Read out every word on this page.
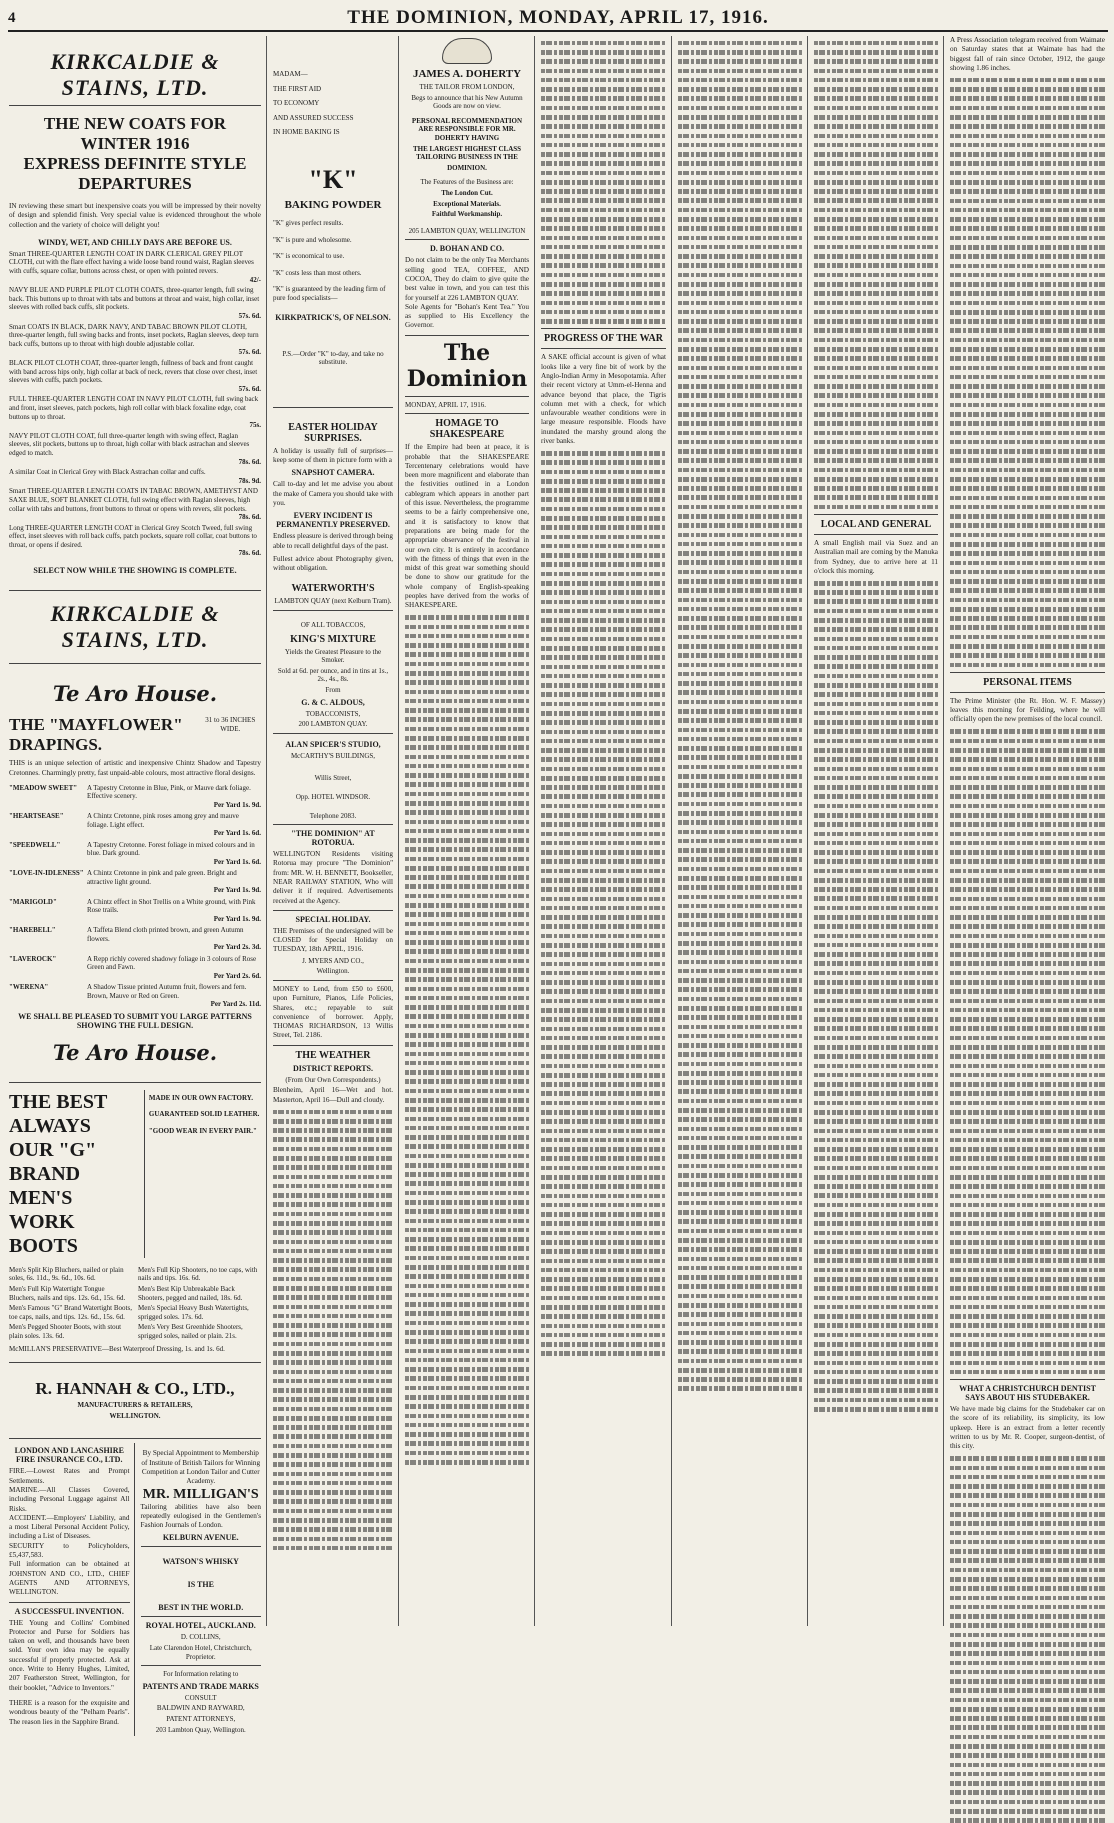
4	THE DOMINION, MONDAY, APRIL 17, 1916.
KIRKCALDIE & STAINS, LTD.
THE NEW COATS FOR WINTER 1916
EXPRESS DEFINITE STYLE DEPARTURES
IN reviewing these smart but inexpensive coats you will be impressed by their novelty of design and splendid finish. Very special value is evidenced throughout the whole collection and the variety of choice will delight you!
WINDY, WET, AND CHILLY DAYS ARE BEFORE US.
Smart THREE-QUARTER LENGTH COAT IN DARK CLERICAL GREY PILOT CLOTH, cut with the flare effect having a wide loose band round waist, Raglan sleeves with cuffs, square collar, buttons across chest, or open with pointed revers.
42/-
NAVY BLUE AND PURPLE PILOT CLOTH COATS, three-quarter length, full swing back. This buttons up to throat with tabs and buttons at throat and waist, high collar, inset sleeves with rolled back cuffs, slit pockets.
57s. 6d.
Smart COATS IN BLACK, DARK NAVY, AND TABAC BROWN PILOT CLOTH, three-quarter length, full swing backs and fronts, inset pockets, Raglan sleeves, deep turn back cuffs, buttons up to throat with high double adjustable collar.
57s. 6d.
BLACK PILOT CLOTH COAT, three-quarter length, fullness of back and front caught with band across hips only, high collar at back of neck, revers that close over chest, inset sleeves with cuffs, patch pockets.
57s. 6d.
FULL THREE-QUARTER LENGTH COAT IN NAVY PILOT CLOTH, full swing back and front, inset sleeves, patch pockets, high roll collar with black foxaline edge, coat buttons up to throat.
75s.
NAVY PILOT CLOTH COAT, full three-quarter length with swing effect, Raglan sleeves, slit pockets, buttons up to throat, high collar with black astrachan and sleeves edged to match.
78s. 6d.
A similar Coat in Clerical Grey with Black Astrachan collar and cuffs.
78s. 9d.
Smart THREE-QUARTER LENGTH COATS IN TABAC BROWN, AMETHYST AND SAXE BLUE, SOFT BLANKET CLOTH, full swing effect with Raglan sleeves, high collar with tabs and buttons, front buttons to throat or opens with revers, slit pockets.
78s. 6d.
Long THREE-QUARTER LENGTH COAT in Clerical Grey Scotch Tweed, full swing effect, inset sleeves with roll back cuffs, patch pockets, square roll collar, coat buttons to throat, or opens if desired.
78s. 6d.
SELECT NOW WHILE THE SHOWING IS COMPLETE.
KIRKCALDIE & STAINS, LTD.
Te Aro House.
THE "MAYFLOWER"	31 to 36 INCHES WIDE.
DRAPINGS.
THIS is an unique selection of artistic and inexpensive Chintz Shadow and Tapestry Cretonnes. Charmingly pretty, fast unpaid-able colours, most attractive floral designs.
"MEADOW SWEET"	A Tapestry Cretonne in Blue, Pink, or Mauve dark foliage. Effective scenery.
Per Yard 1s. 9d.
"HEARTSEASE"	A Chintz Cretonne, pink roses among grey and mauve foliage. Light effect.
Per Yard 1s. 6d.
"SPEEDWELL"	A Tapestry Cretonne. Forest foliage in mixed colours and in blue. Dark ground.
Per Yard 1s. 6d.
"LOVE-IN-IDLENESS" A Chintz Cretonne in pink and pale green. Bright and attractive light ground.
Per Yard 1s. 9d.
"MARIGOLD"	A Chintz effect in Shot Trellis on a White ground, with Pink Rose trails.
Per Yard 1s. 9d.
"HAREBELL"	A Taffeta Blend cloth printed brown, and green Autumn flowers.
Per Yard 2s. 3d.
"LAVEROCK"	A Repp richly covered shadowy foliage in 3 colours of Rose Green and Fawn.
Per Yard 2s. 6d.
"WERENA"	A Shadow Tissue printed Autumn fruit, flowers and fern. Brown, Mauve or Red on Green.
Per Yard 2s. 11d.
WE SHALL BE PLEASED TO SUBMIT YOU LARGE PATTERNS SHOWING THE FULL DESIGN.
Te Aro House.
THE BEST ALWAYS
OUR "G" BRAND
MEN'S WORK BOOTS
MADE IN OUR OWN FACTORY.
GUARANTEED SOLID LEATHER.
"GOOD WEAR IN EVERY PAIR."
Men's Split Kip Bluchers, nailed or plain soles, 6s. 11d., 9s. 6d., 10s. 6d.
Men's Full Kip Watertight Tongue Bluchers, nails and tips. 12s. 6d., 15s. 6d.
Men's Famous "G" Brand Watertight Boots, toe caps, nails, and tips. 12s. 6d., 15s. 6d.
Men's Pegged Shooter Boots, with stout plain soles. 13s. 6d.
Men's Full Kip Shooters, no toe caps, with nails and tips. 16s. 6d.
Men's Best Kip Unbreakable Back Shooters, pegged and nailed, 18s. 6d.
Men's Special Heavy Bush Watertights, sprigged soles. 17s. 6d.
Men's Very Best Greenhide Shooters, sprigged soles, nailed or plain. 21s.
McMILLAN'S PRESERVATIVE—Best Waterproof Dressing, 1s. and 1s. 6d.
R. HANNAH & CO., LTD.,
MANUFACTURERS & RETAILERS,
WELLINGTON.
LONDON AND LANCASHIRE FIRE INSURANCE CO., LTD.
FIRE.—Lowest Rates and Prompt Settlements.
MARINE.—All Classes Covered, including Personal Luggage against All Risks.
ACCIDENT.—Employers' Liability, and a most Liberal Personal Accident Policy, including a List of Diseases.
SECURITY to Policyholders, £5,437,583.
Full information can be obtained at JOHNSTON AND CO., LTD., CHIEF AGENTS AND ATTORNEYS, WELLINGTON.
A SUCCESSFUL INVENTION.
THE Young and Collins' Combined Protector and Purse for Soldiers has taken on well, and thousands have been sold. Your own idea may be equally successful if properly protected. Ask at once. Write to Henry Hughes, Limited, 207 Featherston Street, Wellington, for their booklet, "Advice to Inventors."
THERE is a reason for the exquisite and wondrous beauty of the "Pelham Pearls". The reason lies in the Sapphire Brand.
By Special Appointment to Membership of Institute of British Tailors for Winning Competition at London Tailor and Cutter Academy.
MR. MILLIGAN'S
Tailoring abilities have also been repeatedly eulogised in the Gentlemen's Fashion Journals of London.
KELBURN AVENUE.
WATSON'S WHISKY
IS THE
BEST IN THE WORLD.
ROYAL HOTEL, AUCKLAND.
D. COLLINS,
Late Clarendon Hotel, Christchurch, Proprietor.
For Information relating to
PATENTS AND TRADE MARKS
CONSULT
BALDWIN AND RAYWARD,
PATENT ATTORNEYS,
203 Lambton Quay, Wellington.
MADAM—
THE FIRST AID
TO ECONOMY
AND ASSURED SUCCESS
IN HOME BAKING IS
"K"
BAKING POWDER
"K" gives perfect results.
"K" is pure and wholesome.
"K" is economical to use.
"K" costs less than most others.
"K" is guaranteed by the leading firm of pure food specialists—
KIRKPATRICK'S, OF NELSON.
P.S.—Order "K" to-day, and take no substitute.
EASTER HOLIDAY SURPRISES.
A holiday is usually full of surprises—keep some of them in picture form with a
SNAPSHOT CAMERA.
Call to-day and let me advise you about the make of Camera you should take with you.
EVERY INCIDENT IS PERMANENTLY PRESERVED.
Endless pleasure is derived through being able to recall delightful days of the past.
Fullest advice about Photography given, without obligation.
WATERWORTH'S
LAMBTON QUAY (next Kelburn Tram).
OF ALL TOBACCOS,
KING'S MIXTURE
Yields the Greatest Pleasure to the Smoker.
Sold at 6d. per ounce, and in tins at 1s., 2s., 4s., 8s.
From
G. & C. ALDOUS,
TOBACCONISTS,
200 LAMBTON QUAY.
ALAN SPICER'S STUDIO,
McCARTHY'S BUILDINGS,
Willis Street,
Opp. HOTEL WINDSOR.
Telephone 2083.
"THE DOMINION" AT ROTORUA.
WELLINGTON Residents visiting Rotorua may procure "The Dominion" from: MR. W. H. BENNETT, Bookseller, NEAR RAILWAY STATION, Who will deliver it if required. Advertisements received at the Agency.
SPECIAL HOLIDAY.
THE Premises of the undersigned will be CLOSED for Special Holiday on TUESDAY, 18th APRIL, 1916.
J. MYERS AND CO.,
Wellington.
MONEY to Lend, from £50 to £600, upon Furniture, Pianos, Life Policies, Shares, etc.; repayable to suit convenience of borrower. Apply, THOMAS RICHARDSON, 13 Willis Street, Tel. 2186.
THE WEATHER
DISTRICT REPORTS.
(From Our Own Correspondents.)
Blenheim, April 16—Wet and hot. Masterton, April 16—Dull and cloudy.
JAMES A. DOHERTY
THE TAILOR FROM LONDON,
Begs to announce that his New Autumn Goods are now on view.
PERSONAL RECOMMENDATION ARE RESPONSIBLE FOR MR. DOHERTY HAVING
THE LARGEST HIGHEST CLASS TAILORING BUSINESS IN THE
DOMINION.
The Features of the Business are:
The London Cut.
Exceptional Materials.
Faithful Workmanship.
205 LAMBTON QUAY, WELLINGTON
D. BOHAN AND CO.
Do not claim to be the only Tea Merchants selling good TEA, COFFEE, AND COCOA, They do claim to give quite the best value in town, and you can test this for yourself at 226 LAMBTON QUAY.
Sole Agents for "Bohan's Kent Tea." You as supplied to His Excellency the Governor.
The Dominion
MONDAY, APRIL 17, 1916.
HOMAGE TO SHAKESPEARE
If the Empire had been at peace, it is probable that the SHAKESPEARE Tercentenary celebrations would have been more magnificent and elaborate than the festivities outlined in a London cablegram which appears in another part of this issue. Nevertheless, the programme seems to be a fairly comprehensive one, and it is satisfactory to know that preparations are being made for the appropriate observance of the festival in our own city. It is entirely in accordance with the fitness of things that even in the midst of this great war something should be done to show our gratitude for the whole company of English-speaking peoples have derived from the works of SHAKESPEARE.
PROGRESS OF THE WAR
A SAKE official account is given of what looks like a very fine bit of work by the Anglo-Indian Army in Mesopotamia. After their recent victory at Umm-el-Henna and advance beyond that place, the Tigris column met with a check, for which unfavourable weather conditions were in large measure responsible. Floods have inundated the marshy ground along the river banks.
LOCAL AND GENERAL
A small English mail via Suez and an Australian mail are coming by the Manuka from Sydney, due to arrive here at 11 o'clock this morning.
A Press Association telegram received from Waimate on Saturday states that at Waimate has had the biggest fall of rain since October, 1912, the gauge showing 1.86 inches.
PERSONAL ITEMS
The Prime Minister (the Rt. Hon. W. F. Massey) leaves this morning for Feilding, where he will officially open the new premises of the local council.
WHAT A CHRISTCHURCH DENTIST SAYS ABOUT HIS STUDEBAKER.
We have made big claims for the Studebaker car on the score of its reliability, its simplicity, its low upkeep. Here is an extract from a letter recently written to us by Mr. R. Cooper, surgeon-dentist, of this city.
